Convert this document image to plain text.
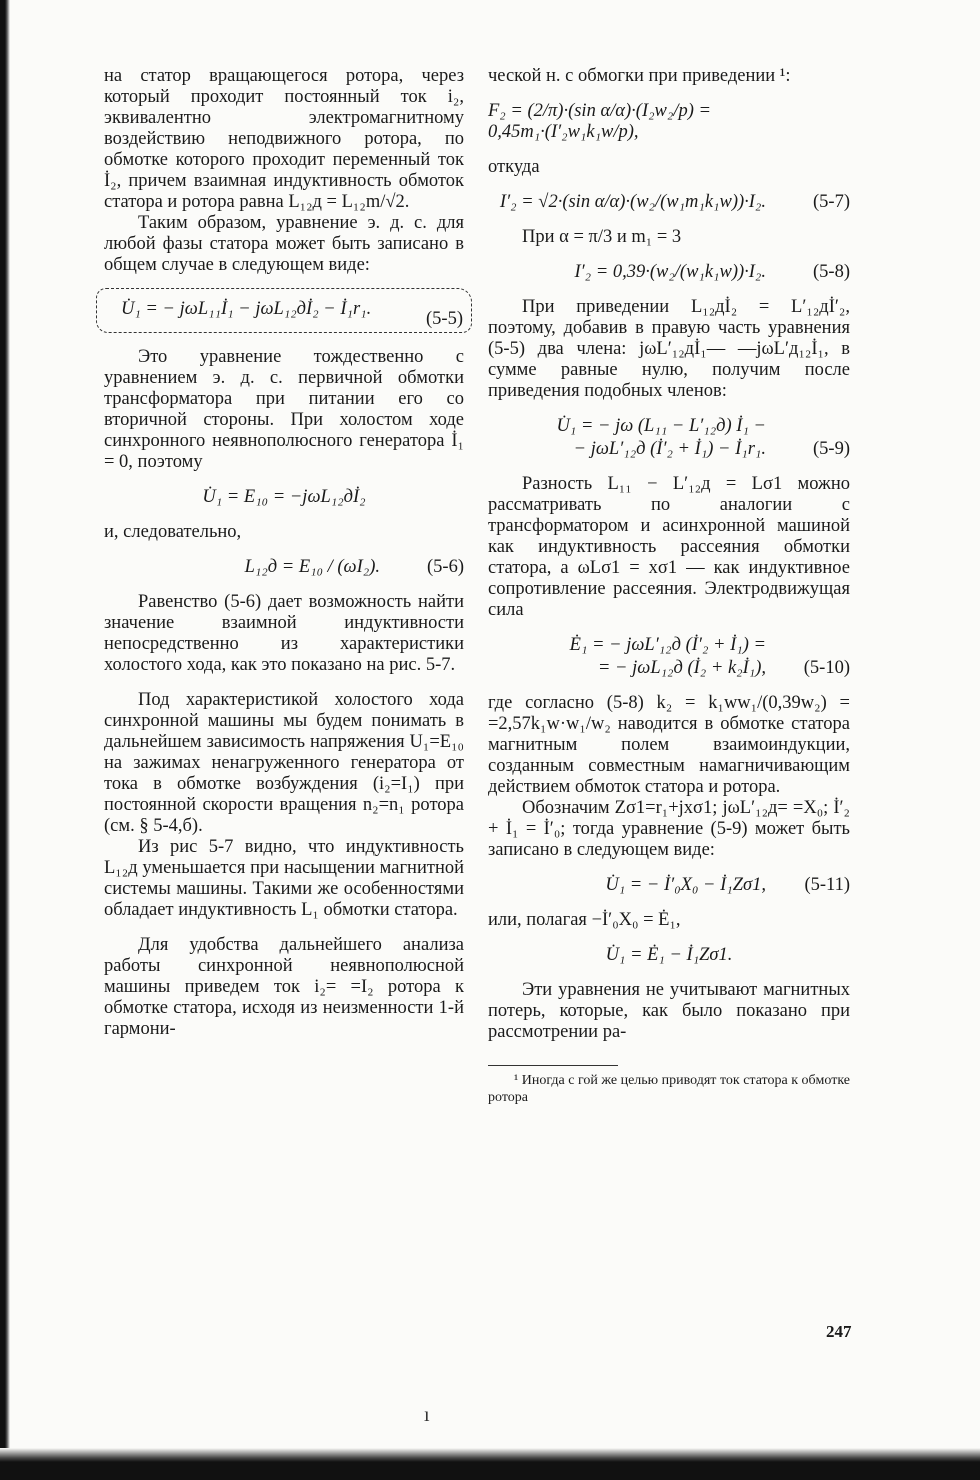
на статор вращающегося ротора, через который проходит постоянный ток i₂, эквивалентно электромагнитному воздействию неподвижного ротора, по обмотке которого проходит переменный ток İ₂, причем взаимная индуктивность обмоток статора и ротора равна L₁₂д = L₁₂m/√2.

Таким образом, уравнение э. д. с. для любой фазы статора может быть записано в общем случае в следующем виде:

U̇₁ = − jωL₁₁İ₁ − jωL₁₂дİ₂ − İ₁r₁.	(5-5)

Это уравнение тождественно с уравнением э. д. с. первичной обмотки трансформатора при питании его со вторичной стороны. При холостом ходе синхронного неявнополюсного генератора İ₁ = 0, поэтому

U̇₁ = E₁₀ = −jωL₁₂дİ₂

и, следовательно,

L₁₂д = E₁₀ / (ωI₂).	(5-6)

Равенство (5-6) дает возможность найти значение взаимной индуктивности непосредственно из характеристики холостого хода, как это показано на рис. 5-7.

Под характеристикой холостого хода синхронной машины мы будем понимать в дальнейшем зависимость напряжения U₁=E₁₀ на зажимах ненагруженного генератора от тока в обмотке возбуждения (i₂=I₁) при постоянной скорости вращения n₂=n₁ ротора (см. § 5-4,б).

Из рис 5-7 видно, что индуктивность L₁₂д уменьшается при насыщении магнитной системы машины. Такими же особенностями обладает индуктивность L₁ обмотки статора.

Для удобства дальнейшего анализа работы синхронной неявнополюсной машины приведем ток i₂= =I₂ ротора к обмотке статора, исходя из неизменности 1-й гармони-

ческой н. с обмогки при приведении ¹:

F₂ = (2/π)·(sin α/α)·(I₂w₂/p) = 0,45m₁·(I′₂w₁k₁w/p),

откуда

I′₂ = √2·(sin α/α)·(w₂/(w₁m₁k₁w))·I₂.	(5-7)

При α = π/3 и m₁ = 3

I′₂ = 0,39·(w₂/(w₁k₁w))·I₂.	(5-8)

При приведении L₁₂дİ₂ = L′₁₂дİ′₂, поэтому, добавив в правую часть уравнения (5-5) два члена: jωL′₁₂дİ₁— —jωL′д₁₂İ₁, в сумме равные нулю, получим после приведения подобных членов:

U̇₁ = − jω (L₁₁ − L′₁₂д) İ₁ −
− jωL′₁₂д (İ′₂ + İ₁) − İ₁r₁.	(5-9)

Разность L₁₁ − L′₁₂д = Lσ1 можно рассматривать по аналогии с трансформатором и асинхронной машиной как индуктивность рассеяния обмотки статора, а ωLσ1 = xσ1 — как индуктивное сопротивление рассеяния. Электродвижущая сила

Ė₁ = − jωL′₁₂д (İ′₂ + İ₁) =
= − jωL₁₂д (İ₂ + k₂İ₁), (5-10)

где согласно (5-8) k₂ = k₁ww₁/(0,39w₂) = =2,57k₁w·w₁/w₂ наводится в обмотке статора магнитным полем взаимоиндукции, созданным совместным намагничивающим действием обмоток статора и ротора.

Обозначим Zσ1=r₁+jxσ1; jωL′₁₂д= =X₀; İ′₂ + İ₁ = İ′₀; тогда уравнение (5-9) может быть записано в следующем виде:

U̇₁ = − İ′₀X₀ − İ₁Zσ1, (5-11)

или, полагая −İ′₀X₀ = Ė₁,

U̇₁ = Ė₁ − İ₁Zσ1.

Эти уравнения не учитывают магнитных потерь, которые, как было показано при рассмотрении ра-

¹ Иногда с гой же целью приводят ток статора к обмотке ротора

247
ı
